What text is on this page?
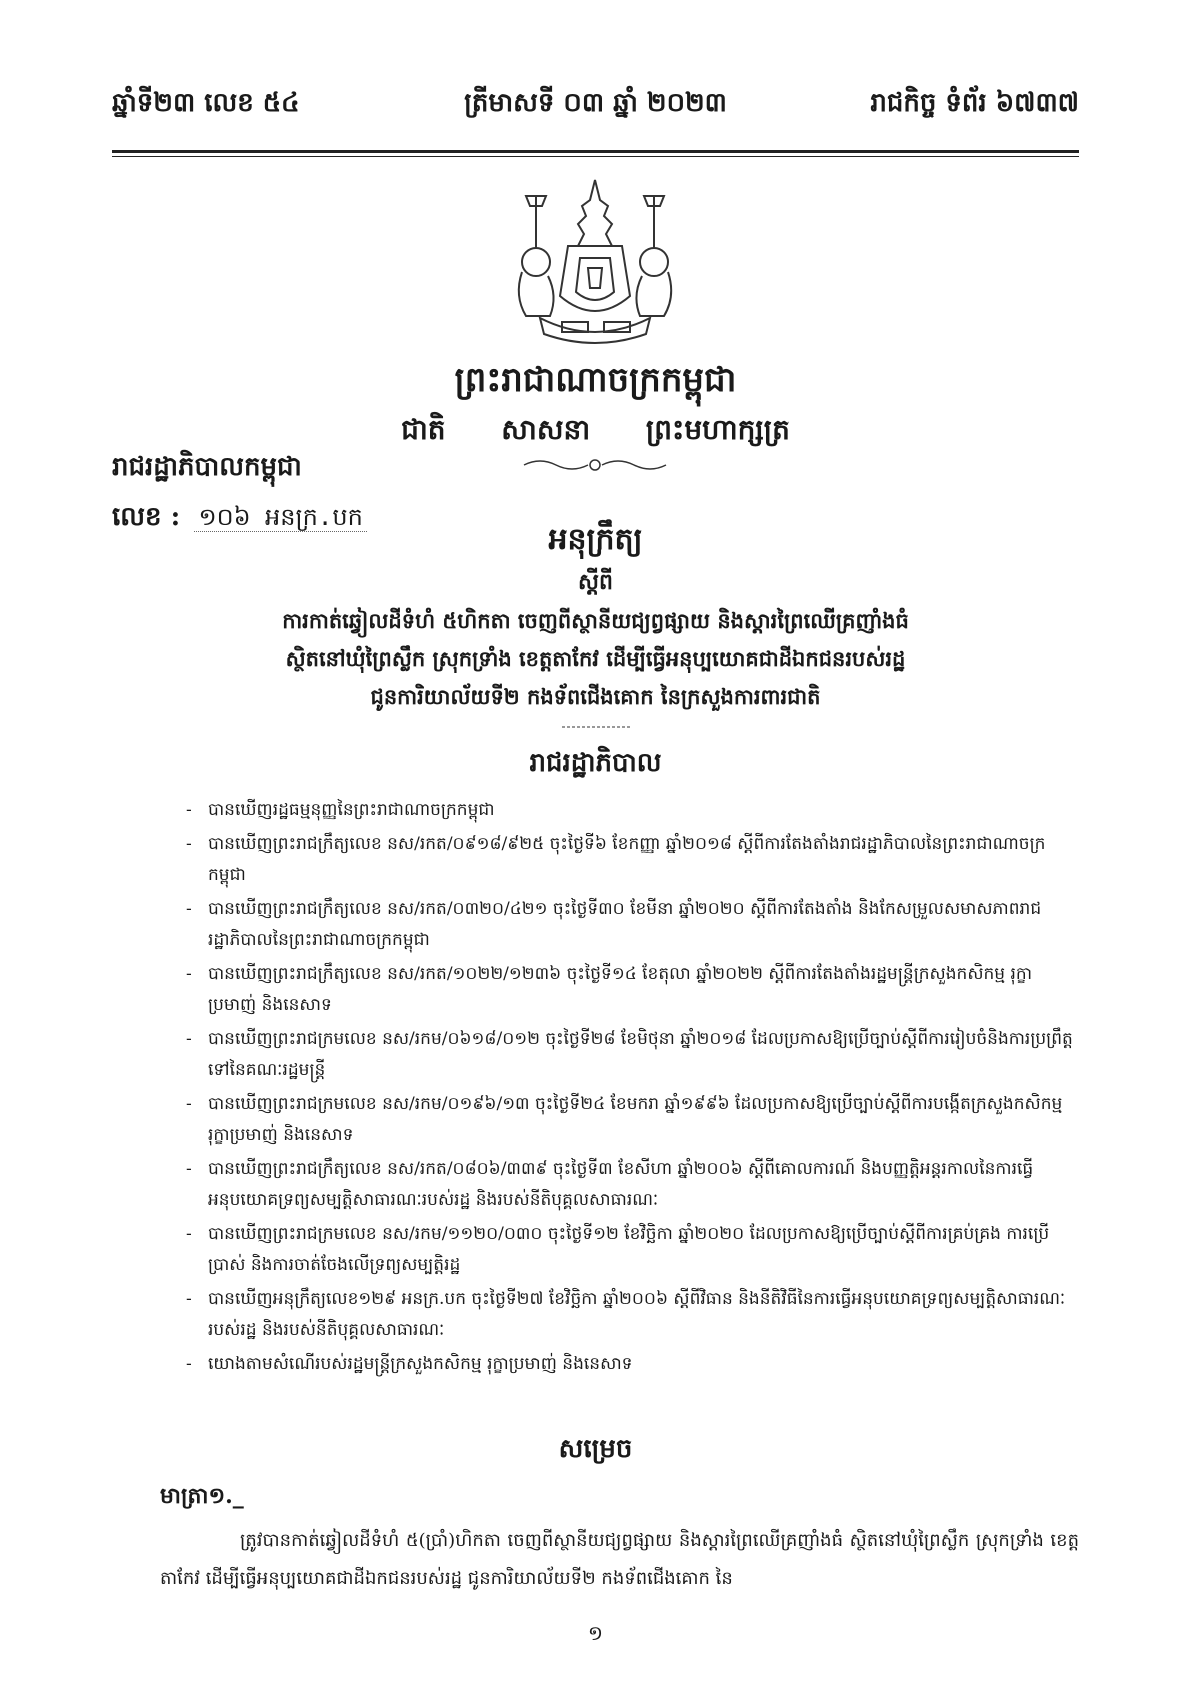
ឆ្នាំទី២៣ លេខ ៥៤	ត្រីមាសទី ០៣ ឆ្នាំ ២០២៣	រាជកិច្ច ទំព័រ ៦៧៣៧
ព្រះរាជាណាចក្រកម្ពុជា
ជាតិ សាសនា ព្រះមហាក្សត្រ
រាជរដ្ឋាភិបាលកម្ពុជា
លេខ : ១០៦ អនក្រ.បក
អនុក្រឹត្យ
ស្តីពី
ការកាត់ឆ្វៀលដីទំហំ ៥ហិកតា ចេញពីស្ថានីយជ្យព្វផ្សាយ និងស្តារព្រៃឈើគ្រញាំងធំ
ស្ថិតនៅឃុំព្រៃស្លឹក ស្រុកទ្រាំង ខេត្តតាកែវ ដើម្បីធ្វើអនុប្បយោគជាដីឯកជនរបស់រដ្ឋ
ជូនការិយាល័យទី២ កងទ័ពជើងគោក នៃក្រសួងការពារជាតិ
រាជរដ្ឋាភិបាល
- បានឃើញរដ្ឋធម្មនុញ្ញនៃព្រះរាជាណាចក្រកម្ពុជា
- បានឃើញព្រះរាជក្រឹត្យលេខ នស/រកត/០៩១៨/៩២៥ ចុះថ្ងៃទី៦ ខែកញ្ញា ឆ្នាំ២០១៨ ស្តីពីការតែងតាំងរាជរដ្ឋាភិបាលនៃព្រះរាជាណាចក្រកម្ពុជា
- បានឃើញព្រះរាជក្រឹត្យលេខ នស/រកត/០៣២០/៤២១ ចុះថ្ងៃទី៣០ ខែមីនា ឆ្នាំ២០២០ ស្តីពីការតែងតាំង និងកែសម្រួលសមាសភាពរាជរដ្ឋាភិបាលនៃព្រះរាជាណាចក្រកម្ពុជា
- បានឃើញព្រះរាជក្រឹត្យលេខ នស/រកត/១០២២/១២៣៦ ចុះថ្ងៃទី១៤ ខែតុលា ឆ្នាំ២០២២ ស្តីពីការតែងតាំងរដ្ឋមន្ត្រីក្រសួងកសិកម្ម រុក្ខាប្រមាញ់ និងនេសាទ
- បានឃើញព្រះរាជក្រមលេខ នស/រកម/០៦១៨/០១២ ចុះថ្ងៃទី២៨ ខែមិថុនា ឆ្នាំ២០១៨ ដែលប្រកាសឱ្យប្រើច្បាប់ស្តីពីការរៀបចំនិងការប្រព្រឹត្តទៅនៃគណៈរដ្ឋមន្ត្រី
- បានឃើញព្រះរាជក្រមលេខ នស/រកម/០១៩៦/១៣ ចុះថ្ងៃទី២៤ ខែមករា ឆ្នាំ១៩៩៦ ដែលប្រកាសឱ្យប្រើច្បាប់ស្តីពីការបង្កើតក្រសួងកសិកម្ម រុក្ខាប្រមាញ់ និងនេសាទ
- បានឃើញព្រះរាជក្រឹត្យលេខ នស/រកត/០៨០៦/៣៣៩ ចុះថ្ងៃទី៣ ខែសីហា ឆ្នាំ២០០៦ ស្តីពីគោលការណ៍ និងបញ្ញត្តិអន្តរកាលនៃការធ្វើអនុបយោគទ្រព្យសម្បត្តិសាធារណៈរបស់រដ្ឋ និងរបស់នីតិបុគ្គលសាធារណៈ
- បានឃើញព្រះរាជក្រមលេខ នស/រកម/១១២០/០៣០ ចុះថ្ងៃទី១២ ខែវិច្ឆិកា ឆ្នាំ២០២០ ដែលប្រកាសឱ្យប្រើច្បាប់ស្តីពីការគ្រប់គ្រង ការប្រើប្រាស់ និងការចាត់ចែងលើទ្រព្យសម្បត្តិរដ្ឋ
- បានឃើញអនុក្រឹត្យលេខ១២៩ អនក្រ.បក ចុះថ្ងៃទី២៧ ខែវិច្ឆិកា ឆ្នាំ២០០៦ ស្តីពីវិធាន និងនីតិវិធីនៃការធ្វើអនុបយោគទ្រព្យសម្បត្តិសាធារណៈរបស់រដ្ឋ និងរបស់នីតិបុគ្គលសាធារណៈ
- យោងតាមសំណើរបស់រដ្ឋមន្ត្រីក្រសួងកសិកម្ម រុក្ខាប្រមាញ់ និងនេសាទ
សម្រេច
មាត្រា១._
ត្រូវបានកាត់ឆ្វៀលដីទំហំ ៥(ប្រាំ)ហិកតា ចេញពីស្ថានីយជ្យព្វផ្សាយ និងស្តារព្រៃឈើគ្រញាំងធំ ស្ថិតនៅឃុំព្រៃស្លឹក ស្រុកទ្រាំង ខេត្តតាកែវ ដើម្បីធ្វើអនុប្បយោគជាដីឯកជនរបស់រដ្ឋ ជូនការិយាល័យទី២ កងទ័ពជើងគោក នៃ
១
